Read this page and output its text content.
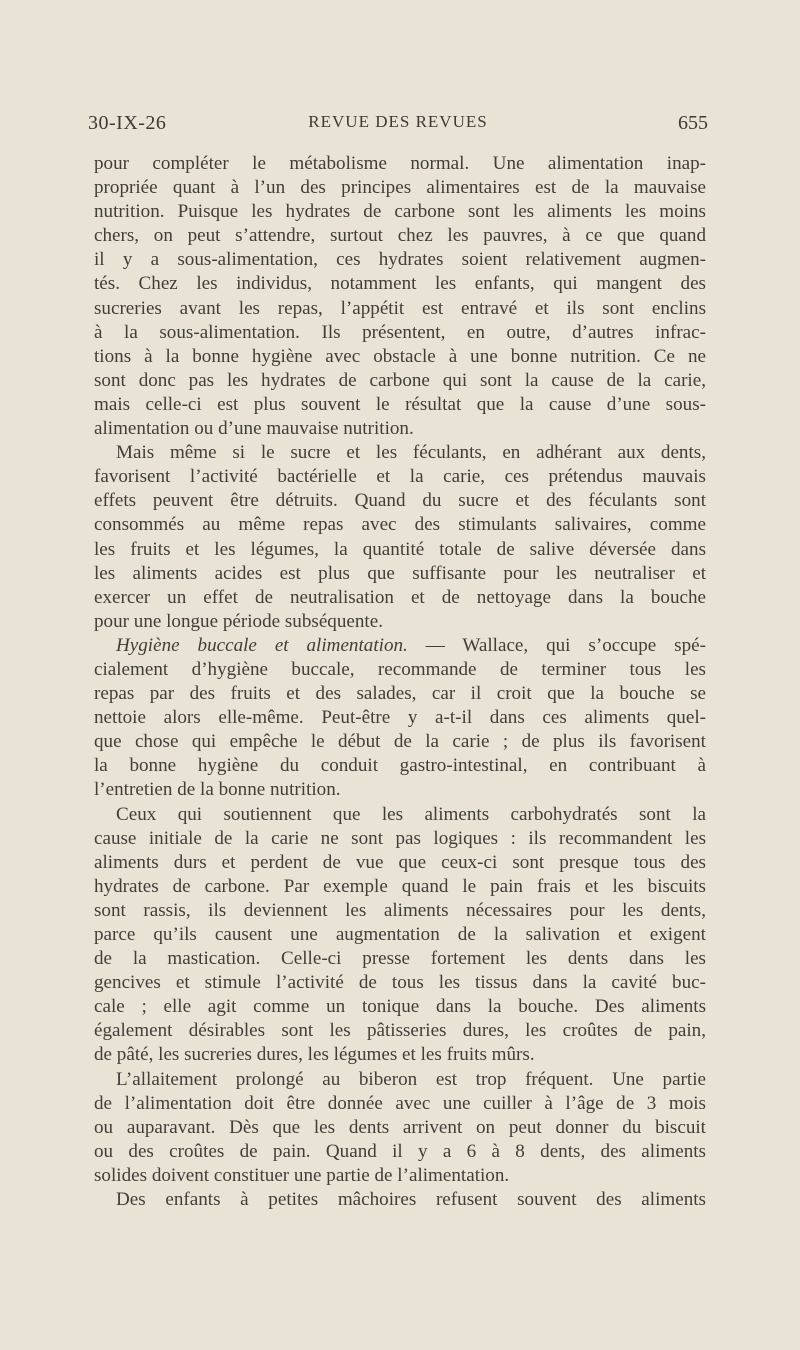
30-IX-26	REVUE DES REVUES	655

pour compléter le métabolisme normal. Une alimentation inap-
propriée quant à l’un des principes alimentaires est de la mauvaise
nutrition. Puisque les hydrates de carbone sont les aliments les moins
chers, on peut s’attendre, surtout chez les pauvres, à ce que quand
il y a sous-alimentation, ces hydrates soient relativement augmen-
tés. Chez les individus, notamment les enfants, qui mangent des
sucreries avant les repas, l’appétit est entravé et ils sont enclins
à la sous-alimentation. Ils présentent, en outre, d’autres infrac-
tions à la bonne hygiène avec obstacle à une bonne nutrition. Ce ne
sont donc pas les hydrates de carbone qui sont la cause de la carie,
mais celle-ci est plus souvent le résultat que la cause d’une sous-
alimentation ou d’une mauvaise nutrition.

Mais même si le sucre et les féculants, en adhérant aux dents,
favorisent l’activité bactérielle et la carie, ces prétendus mauvais
effets peuvent être détruits. Quand du sucre et des féculants sont
consommés au même repas avec des stimulants salivaires, comme
les fruits et les légumes, la quantité totale de salive déversée dans
les aliments acides est plus que suffisante pour les neutraliser et
exercer un effet de neutralisation et de nettoyage dans la bouche
pour une longue période subséquente.

Hygiène buccale et alimentation. — Wallace, qui s’occupe spé-
cialement d’hygiène buccale, recommande de terminer tous les
repas par des fruits et des salades, car il croit que la bouche se
nettoie alors elle-même. Peut-être y a-t-il dans ces aliments quel-
que chose qui empêche le début de la carie ; de plus ils favorisent
la bonne hygiène du conduit gastro-intestinal, en contribuant à
l’entretien de la bonne nutrition.

Ceux qui soutiennent que les aliments carbohydratés sont la
cause initiale de la carie ne sont pas logiques : ils recommandent les
aliments durs et perdent de vue que ceux-ci sont presque tous des
hydrates de carbone. Par exemple quand le pain frais et les biscuits
sont rassis, ils deviennent les aliments nécessaires pour les dents,
parce qu’ils causent une augmentation de la salivation et exigent
de la mastication. Celle-ci presse fortement les dents dans les
gencives et stimule l’activité de tous les tissus dans la cavité buc-
cale ; elle agit comme un tonique dans la bouche. Des aliments
également désirables sont les pâtisseries dures, les croûtes de pain,
de pâté, les sucreries dures, les légumes et les fruits mûrs.

L’allaitement prolongé au biberon est trop fréquent. Une partie
de l’alimentation doit être donnée avec une cuiller à l’âge de 3 mois
ou auparavant. Dès que les dents arrivent on peut donner du biscuit
ou des croûtes de pain. Quand il y a 6 à 8 dents, des aliments
solides doivent constituer une partie de l’alimentation.

Des enfants à petites mâchoires refusent souvent des aliments
